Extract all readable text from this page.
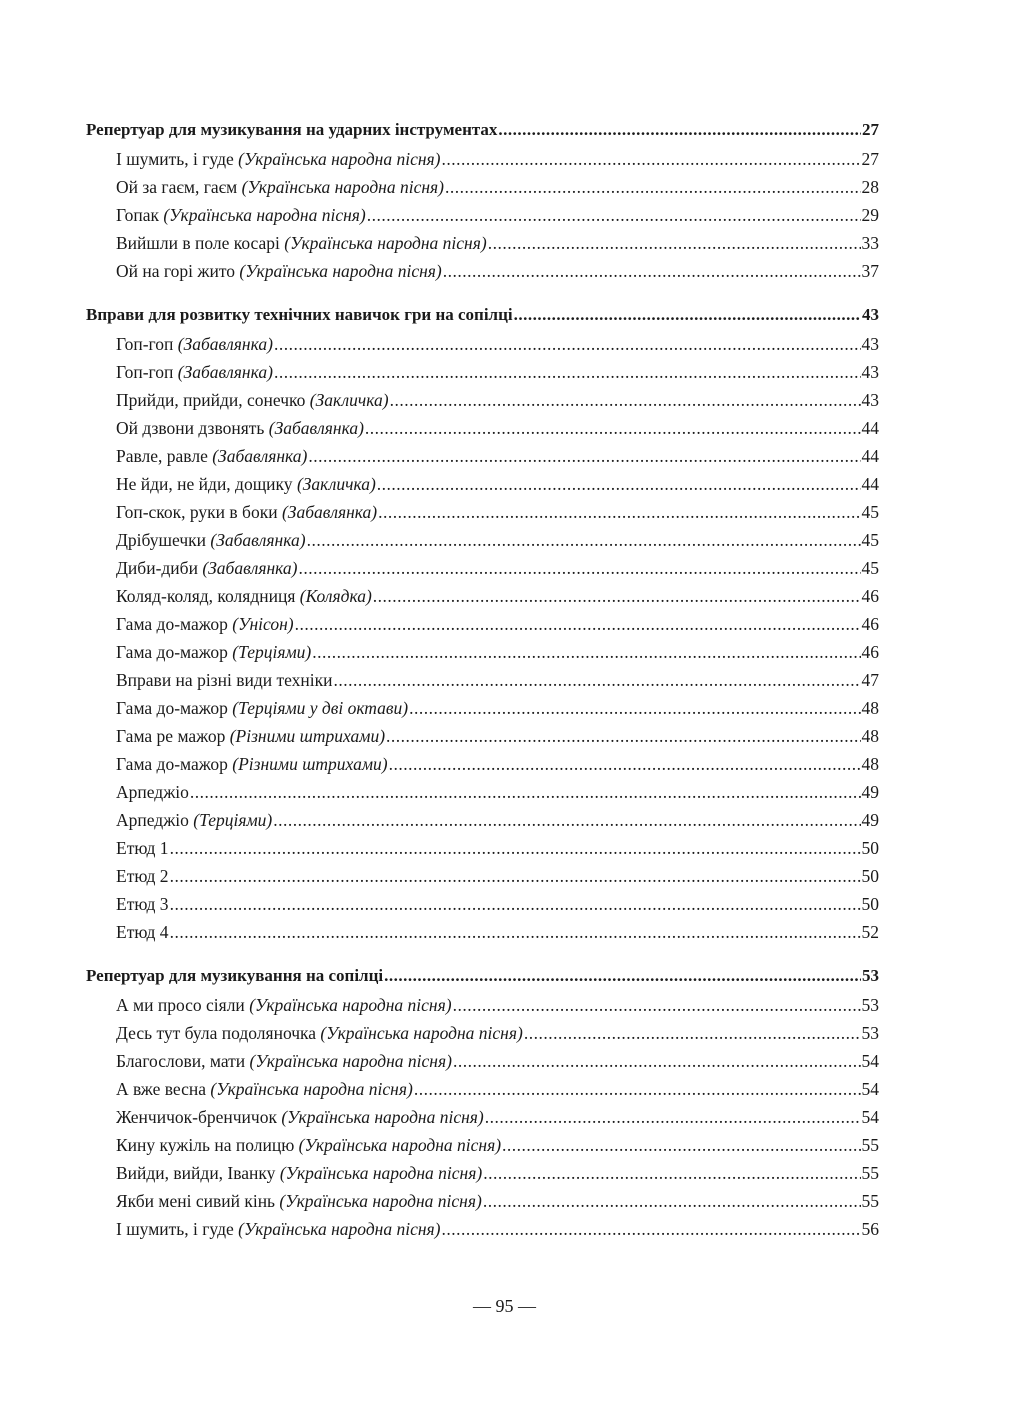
Репертуар для музикування на ударних інструментах .....	27
І шумить, і гуде (Українська народна пісня) .....	27
Ой за гаєм, гаєм (Українська народна пісня) .....	28
Гопак (Українська народна пісня) .....	29
Вийшли в поле косарі (Українська народна пісня) .....	33
Ой на горі жито (Українська народна пісня) .....	37
Вправи для розвитку технічних навичок гри на сопілці .....	43
Гоп-гоп (Забавлянка) .....	43
Гоп-гоп (Забавлянка) .....	43
Прийди, прийди, сонечко (Закличка) .....	43
Ой дзвони дзвонять (Забавлянка) .....	44
Равле, равле (Забавлянка) .....	44
Не йди, не йди, дощику (Закличка) .....	44
Гоп-скок, руки в боки (Забавлянка) .....	45
Дрібушечки (Забавлянка) .....	45
Диби-диби (Забавлянка) .....	45
Коляд-коляд, колядниця (Колядка) .....	46
Гама до-мажор (Унісон) .....	46
Гама до-мажор (Терціями) .....	46
Вправи на різні види техніки .....	47
Гама до-мажор (Терціями у дві октави) .....	48
Гама ре мажор (Різними штрихами) .....	48
Гама до-мажор (Різними штрихами) .....	48
Арпеджіо .....	49
Арпеджіо (Терціями) .....	49
Етюд 1 .....	50
Етюд 2 .....	50
Етюд 3 .....	50
Етюд 4 .....	52
Репертуар для музикування на сопілці .....	53
А ми просо сіяли (Українська народна пісня) .....	53
Десь тут була подоляночка (Українська народна пісня) .....	53
Благослови, мати (Українська народна пісня) .....	54
А вже весна (Українська народна пісня) .....	54
Женчичок-бренчичок (Українська народна пісня) .....	54
Кину кужіль на полицю (Українська народна пісня) .....	55
Вийди, вийди, Іванку (Українська народна пісня) .....	55
Якби мені сивий кінь (Українська народна пісня) .....	55
І шумить, і гуде (Українська народна пісня) .....	56
— 95 —
